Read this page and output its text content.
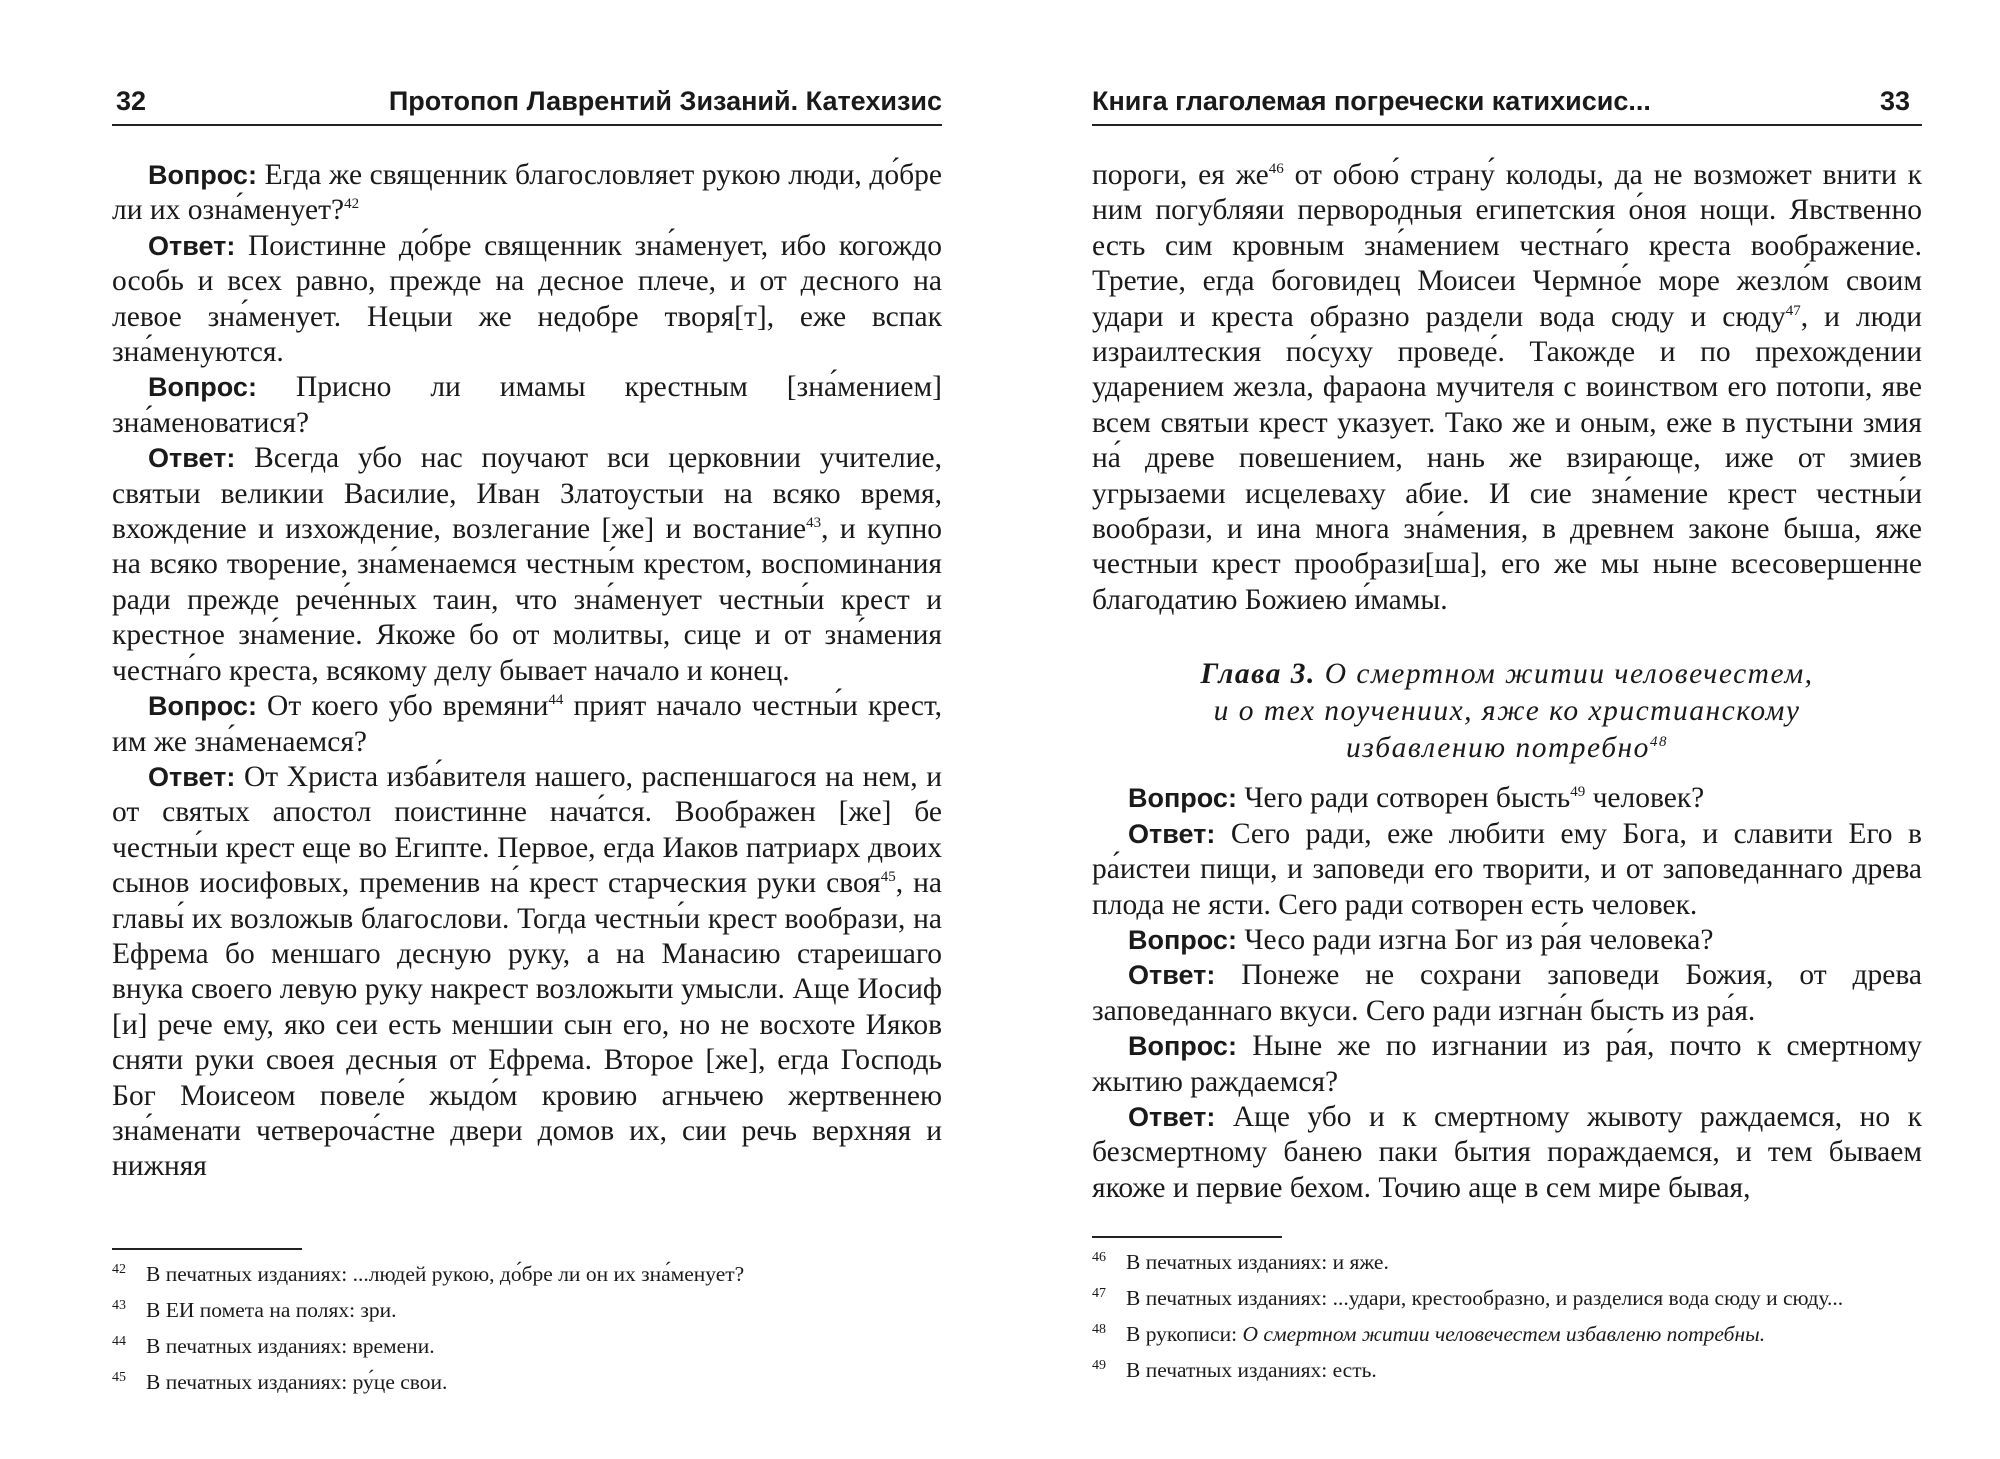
32	Протопоп Лаврентий Зизаний. Катехизис

Вопрос: Егда же священник благословляет рукою люди, до́бре ли их озна́менует?$^{42}$

Ответ: Поистинне до́бре священник зна́менует, ибо когождо особь и всех равно, прежде на десное плече, и от десного на левое зна́менует. Нецыи же недобре творя[т], еже вспак зна́менуются.

Вопрос: Присно ли имамы крестным [зна́мением] зна́меноватися?

Ответ: Всегда убо нас поучают вси церковнии учителие, святыи великии Василие, Иван Златоустыи на всяко время, вхождение и изхождение, возлегание [же] и востание$^{43}$, и купно на всяко творение, зна́менаемся честны́м крестом, воспоминания ради прежде рече́нных таин, что зна́менует честны́и крест и крестное зна́мение. Якоже бо от молитвы, сице и от зна́мения честна́го креста, всякому делу бывает начало и конец.

Вопрос: От коего убо времяни$^{44}$ прият начало честны́и крест, им же зна́менаемся?

Ответ: От Христа изба́вителя нашего, распеншагося на нем, и от святых апостол поистинне нача́тся. Воображен [же] бе честны́и крест еще во Египте. Первое, егда Иаков патриарх двоих сынов иосифовых, пременив на́ крест старческия руки своя$^{45}$, на главы́ их возложыв благослови. Тогда честны́и крест вообрази, на Ефрема бо меншаго десную руку, а на Манасию стареишаго внука своего левую руку накрест возложыти умысли. Аще Иосиф [и] рече ему, яко сеи есть меншии сын его, но не восхоте Ияков сняти руки своея десныя от Ефрема. Второе [же], егда Господь Бог Моисеом повеле́ жыдо́м кровию агньчею жертвеннею зна́менати четвероча́стне двери домов их, сии речь верхняя и нижняя

42 В печатных изданиях: ...людей рукою, до́бре ли он их зна́менует?

43 В ЕИ помета на полях: зри.

44 В печатных изданиях: времени.

45 В печатных изданиях: ру́це свои.

Книга глаголемая погречески катихисис...	33

пороги, ея $же^{46}$ от обою́ страну́ колоды, да не возможет внити к ним погубляяи первородныя египетския о́ноя нощи. Явственно есть сим кровным зна́мением честна́го креста воображение. Третие, егда боговидец Моисеи Чермно́е море жезло́м своим удари и креста образно раздели вода сюду и сюду$^{47}$, и люди израилтеския по́суху проведе́. Такожде и по прехождении ударением жезла, фараона мучителя с воинством его потопи, яве всем святыи крест указует. Тако же и оным, еже в пустыни змия на́ древе повешением, нань же взирающе, иже от змиев угрызаеми исцелеваху абие. И сие зна́мение крест честны́и вообрази, и ина многа зна́мения, в древнем законе быша, яже честныи крест прообрази[ша], его же мы ныне всесовершенне благодатию Божиею и́мамы.

Глава 3. О смертном житии человечестем,
и о тех поучениих, яже ко христианскому
избавлению потребно$^{48}$

Вопрос: Чего ради сотворен бысть$^{49}$ человек?

Ответ: Сего ради, еже любити ему Бога, и славити Его в ра́истеи пищи, и заповеди его творити, и от заповеданнаго древа плода не ясти. Сего ради сотворен есть человек.

Вопрос: Чесо ради изгна Бог из ра́я человека?

Ответ: Понеже не сохрани заповеди Божия, от древа заповеданнаго вкуси. Сего ради изгна́н бысть из ра́я.

Вопрос: Ныне же по изгнании из ра́я, почто к смертному жытию раждаемся?

Ответ: Аще убо и к смертному жывоту раждаемся, но к безсмертному банею паки бытия пораждаемся, и тем бываем якоже и первие бехом. Точию аще в сем мире бывая,

46 В печатных изданиях: и яже.

47 В печатных изданиях: ...удари, крестообразно, и разделися вода сюду и сюду...

48 В рукописи: О смертном житии человечестем избавленю потребны.

49 В печатных изданиях: есть.
